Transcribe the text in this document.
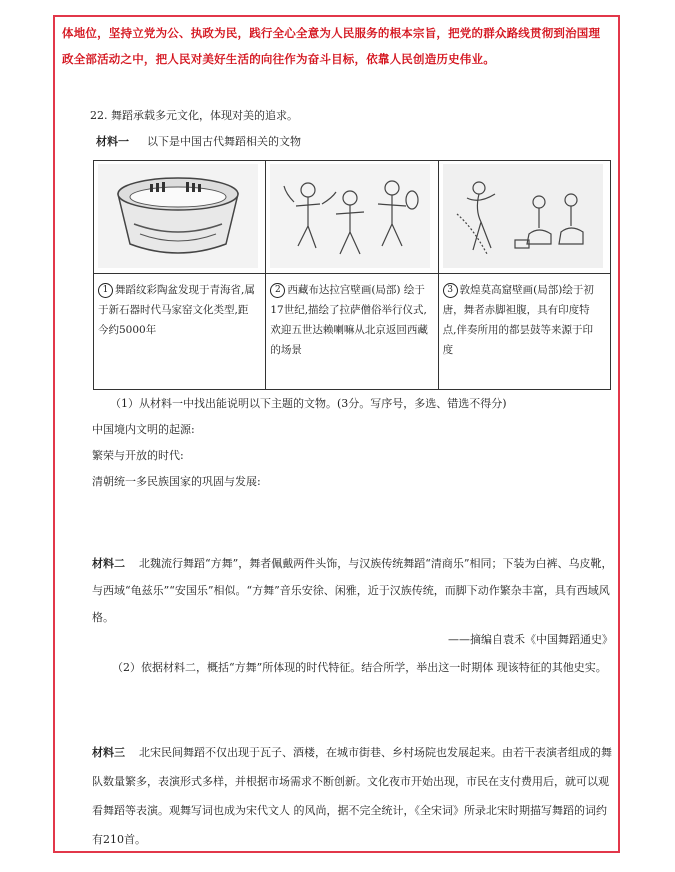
体地位，坚持立党为公、执政为民，践行全心全意为人民服务的根本宗旨，把党的群众路线贯彻到治国理
政全部活动之中，把人民对美好生活的向往作为奋斗目标，依靠人民创造历史伟业。
22. 舞蹈承载多元文化，体现对美的追求。
材料一 以下是中国古代舞蹈相关的文物

1 舞蹈纹彩陶盆发现于青海省,属于新石器时代马家窑文化类型,距今约5000年	2 西藏布达拉宫壁画(局部) 绘于17世纪,描绘了拉萨僧俗举行仪式,欢迎五世达赖喇嘛从北京返回西藏的场景	3 敦煌莫高窟壁画(局部)绘于初唐，舞者赤脚袒腹，具有印度特点,伴奏所用的都昙鼓等来源于印度
（1）从材料一中找出能说明以下主题的文物。(3分。写序号，多选、错选不得分)
中国境内文明的起源:
繁荣与开放的时代:
清朝统一多民族国家的巩固与发展:
材料二 北魏流行舞蹈“方舞”，舞者佩戴两件头饰，与汉族传统舞蹈“清商乐”相同；下装为白裤、乌皮靴，与西域“龟兹乐”“安国乐”相似。“方舞”音乐安徐、闲雅，近于汉族传统，而脚下动作繁杂丰富，具有西域风格。
——摘编自袁禾《中国舞蹈通史》
（2）依据材料二，概括“方舞”所体现的时代特征。结合所学，举出这一时期体 现该特征的其他史实。
材料三 北宋民间舞蹈不仅出现于瓦子、酒楼，在城市街巷、乡村场院也发展起来。由若干表演者组成的舞队数量繁多，表演形式多样，并根据市场需求不断创新。文化夜市开始出现，市民在支付费用后，就可以观看舞蹈等表演。观舞写词也成为宋代文人 的风尚，据不完全统计，《全宋词》所录北宋时期描写舞蹈的词约有210首。
